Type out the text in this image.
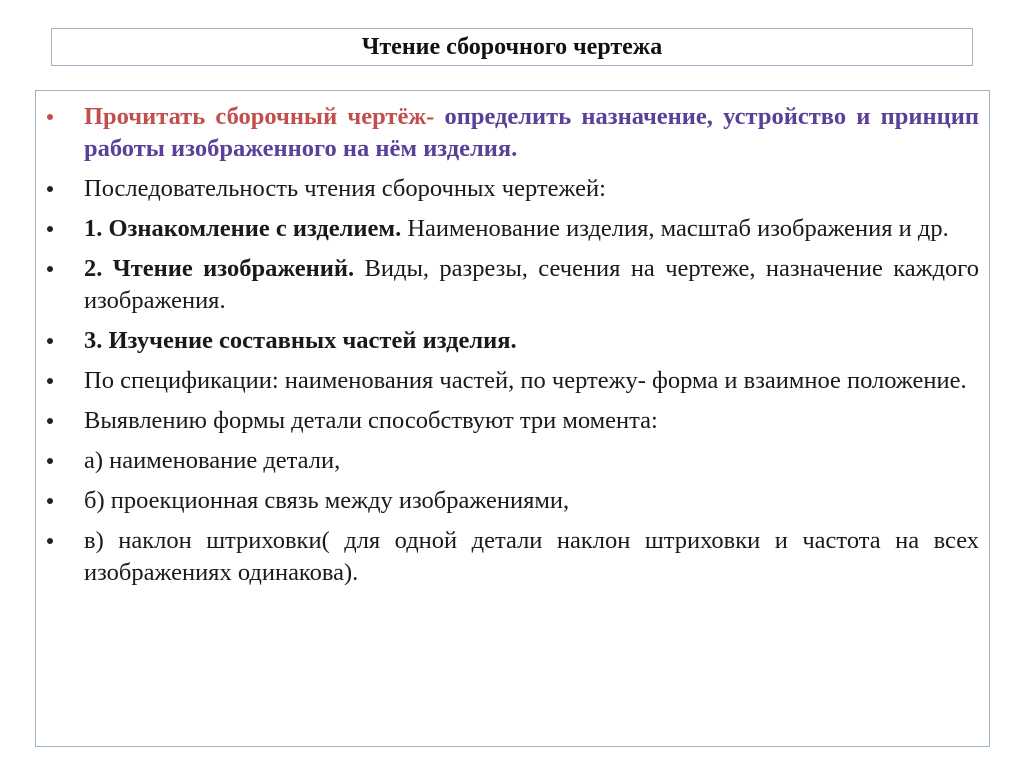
Чтение сборочного чертежа
Прочитать сборочный чертёж- определить назначение, устройство и принцип работы изображенного на нём изделия.
Последовательность чтения сборочных чертежей:
1. Ознакомление с изделием. Наименование изделия, масштаб изображения и др.
2. Чтение изображений. Виды, разрезы, сечения на чертеже, назначение каждого изображения.
3. Изучение составных частей изделия.
По спецификации: наименования частей, по чертежу- форма и взаимное положение.
Выявлению формы детали способствуют три момента:
а) наименование детали,
б) проекционная связь между изображениями,
в) наклон штриховки( для одной детали наклон штриховки и частота на всех изображениях одинакова).
